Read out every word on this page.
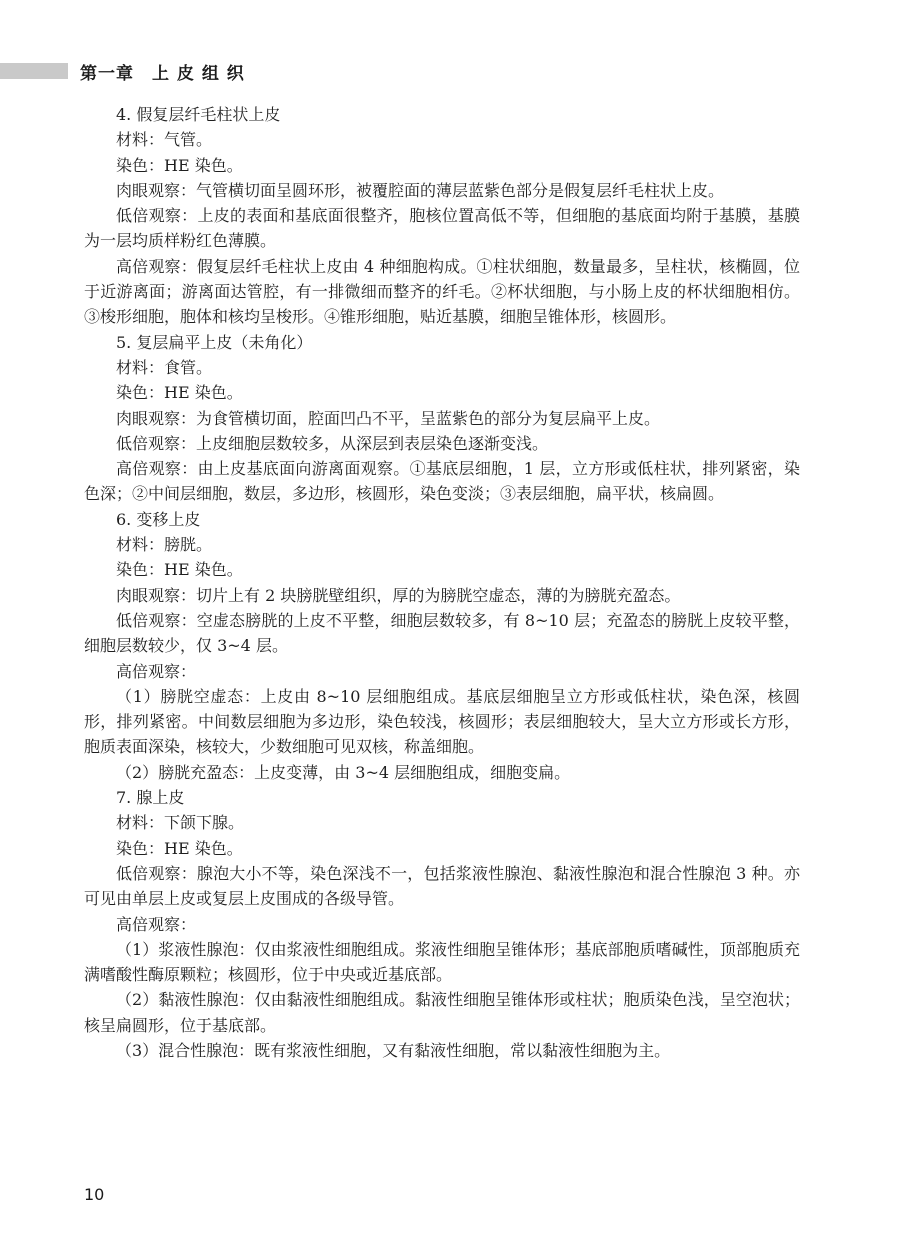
第一章　上 皮 组 织

4. 假复层纤毛柱状上皮

材料：气管。

染色：HE 染色。

肉眼观察：气管横切面呈圆环形，被覆腔面的薄层蓝紫色部分是假复层纤毛柱状上皮。

低倍观察：上皮的表面和基底面很整齐，胞核位置高低不等，但细胞的基底面均附于基膜，基膜为一层均质样粉红色薄膜。

高倍观察：假复层纤毛柱状上皮由 4 种细胞构成。①柱状细胞，数量最多，呈柱状，核椭圆，位于近游离面；游离面达管腔，有一排微细而整齐的纤毛。②杯状细胞，与小肠上皮的杯状细胞相仿。③梭形细胞，胞体和核均呈梭形。④锥形细胞，贴近基膜，细胞呈锥体形，核圆形。

5. 复层扁平上皮（未角化）

材料：食管。

染色：HE 染色。

肉眼观察：为食管横切面，腔面凹凸不平，呈蓝紫色的部分为复层扁平上皮。

低倍观察：上皮细胞层数较多，从深层到表层染色逐渐变浅。

高倍观察：由上皮基底面向游离面观察。①基底层细胞，1 层，立方形或低柱状，排列紧密，染色深；②中间层细胞，数层，多边形，核圆形，染色变淡；③表层细胞，扁平状，核扁圆。

6. 变移上皮

材料：膀胱。

染色：HE 染色。

肉眼观察：切片上有 2 块膀胱壁组织，厚的为膀胱空虚态，薄的为膀胱充盈态。

低倍观察：空虚态膀胱的上皮不平整，细胞层数较多，有 8~10 层；充盈态的膀胱上皮较平整，细胞层数较少，仅 3~4 层。

高倍观察：

（1）膀胱空虚态：上皮由 8~10 层细胞组成。基底层细胞呈立方形或低柱状，染色深，核圆形，排列紧密。中间数层细胞为多边形，染色较浅，核圆形；表层细胞较大，呈大立方形或长方形，胞质表面深染，核较大，少数细胞可见双核，称盖细胞。

（2）膀胱充盈态：上皮变薄，由 3~4 层细胞组成，细胞变扁。

7. 腺上皮

材料：下颌下腺。

染色：HE 染色。

低倍观察：腺泡大小不等，染色深浅不一，包括浆液性腺泡、黏液性腺泡和混合性腺泡 3 种。亦可见由单层上皮或复层上皮围成的各级导管。

高倍观察：

（1）浆液性腺泡：仅由浆液性细胞组成。浆液性细胞呈锥体形；基底部胞质嗜碱性，顶部胞质充满嗜酸性酶原颗粒；核圆形，位于中央或近基底部。

（2）黏液性腺泡：仅由黏液性细胞组成。黏液性细胞呈锥体形或柱状；胞质染色浅，呈空泡状；核呈扁圆形，位于基底部。

（3）混合性腺泡：既有浆液性细胞，又有黏液性细胞，常以黏液性细胞为主。

10
